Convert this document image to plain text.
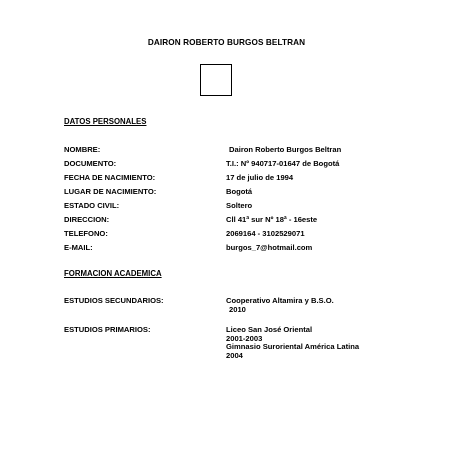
DAIRON ROBERTO BURGOS BELTRAN
DATOS PERSONALES
NOMBRE:	Dairon Roberto Burgos Beltran
DOCUMENTO:	T.I.: Nº 940717-01647 de Bogotá
FECHA DE NACIMIENTO:	17 de julio de 1994
LUGAR DE NACIMIENTO:	Bogotá
ESTADO CIVIL:	Soltero
DIRECCION:	Cll 41ª sur Nº 18ª - 16este
TELEFONO:	2069164 - 3102529071
E-MAIL:	burgos_7@hotmail.com
FORMACION ACADEMICA
ESTUDIOS SECUNDARIOS:	Cooperativo Altamira y B.S.O.
2010
ESTUDIOS PRIMARIOS:	Liceo San José Oriental
2001-2003
Gimnasio Suroriental América Latina
2004
